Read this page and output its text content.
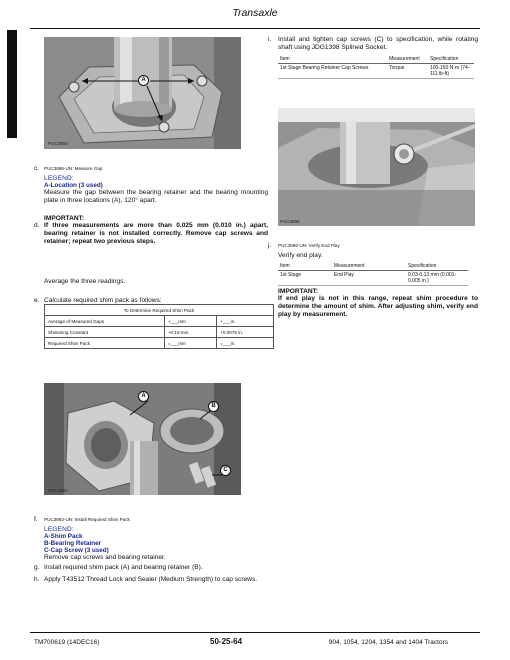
Transaxle
TM700619 (14DEC16)	50-25-64	904, 1054, 1204, 1354 and 1404 Tractors
A
PUC3893
c. PUC3896-UN: Measure Gap
LEGEND:
A-Location (3 used)
Measure the gap between the bearing retainer and the bearing mounting plate in three locations (A), 120° apart.
IMPORTANT:
d. If three measurements are more than 0.025 mm (0.010 in.) apart, bearing retainer is not installed correctly. Remove cap screws and retainer; repeat two previous steps.
Average the three readings.
e. Calculate required shim pack as follows:
To Determine Required Shim Pack		
Average of Measured Gaps	+___mm	+___in.
Shimming Constant	+0.19 mm	+0.0075 in.
Required Shim Pack	=___mm	=___in.
A
B
C
PUC3892
f. PUC3893-UN: Install Required Shim Pack
LEGEND:
A-Shim Pack
B-Bearing Retainer
C-Cap Screw (3 used)
Remove cap screws and bearing retainer.
g. Install required shim pack (A) and bearing retainer (B).
h. Apply T43512 Thread Lock and Sealer (Medium Strength) to cap screws.
i.	Install and tighten cap screws (C) to specification, while rotating shaft using JDG1398 Splined Socket.
Item	Measurement	Specification
1st Stage Bearing Retainer Cap Screws	Torque	100-150 N·m (74-111 lb-ft)
PUC3896
j. PUC3896-UN: Verify End Play
Verify end play.
Item	Measurement	Specification
1st Stage	End Play	0.03-0.13 mm (0.001-0.005 in.)
IMPORTANT:
If end play is not in this range, repeat shim procedure to determine the amount of shim. After adjusting shim, verify end play by measurement.
